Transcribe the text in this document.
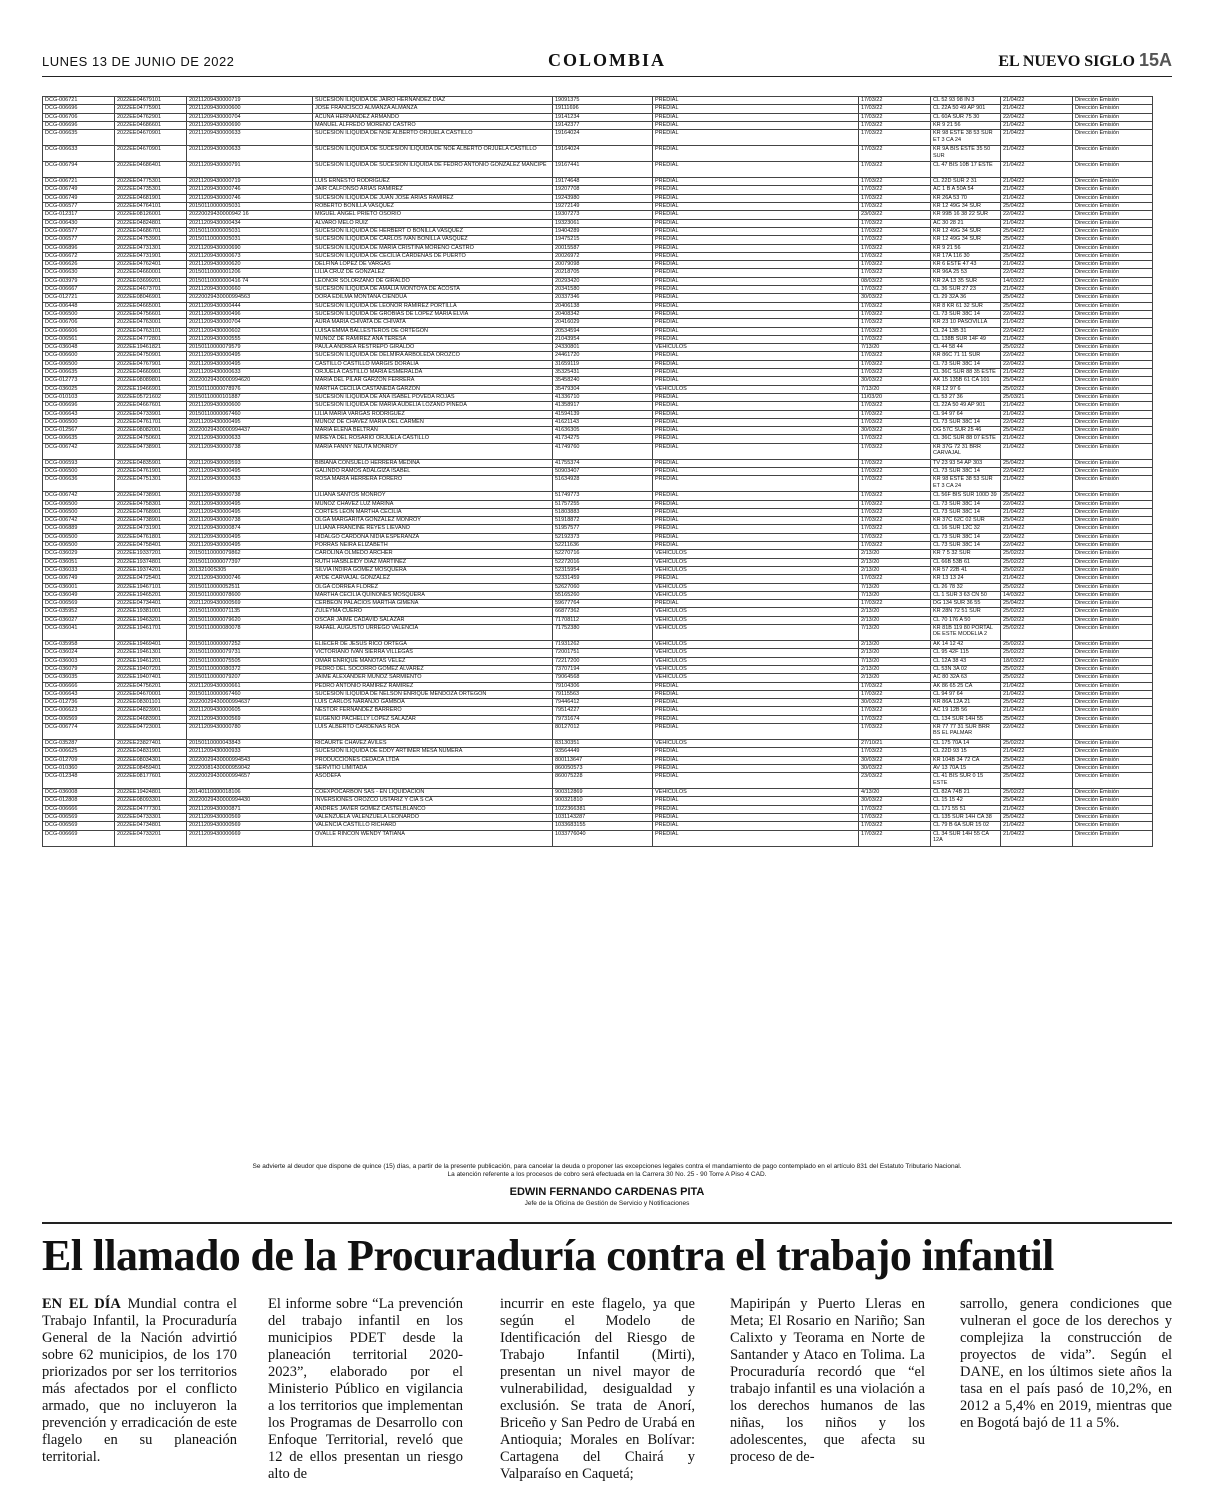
LUNES 13 DE JUNIO DE 2022	COLOMBIA	EL NUEVO SIGLO 15A
DCG-006721	2022EE04679101	20211209430000719	SUCESION ILIQUIDA DE JAIRO HERNANDEZ DIAZ	19091375	PREDIAL	17/03/22	CL 52 93 98 IN 3	21/04/22	Dirección Emisión
DCG-006696	2022EE04775901	20211209430000600	JOSE FRANCISCO ALMANZA ALMANZA	19111696	PREDIAL	17/03/22	CL 22A 50 49 AP 901	21/04/22	Dirección Emisión
DCG-006706	2022EE04762901	20211209430000704	ACUÑA HERNANDEZ ARMANDO	19141234	PREDIAL	17/03/22	CL 60A SUR 75 30	22/04/22	Dirección Emisión
DCG-006696	2022EE04686601	20211209430000690	MANUEL ALFREDO MORENO CASTRO	19142377	PREDIAL	17/03/22	KR 9 21 56	21/04/22	Dirección Emisión
DCG-006635	2022EE04670901	20211209430000633	SUCESION ILIQUIDA DE NOE ALBERTO ORJUELA CASTILLO	19164024	PREDIAL	17/03/22	KR 98 ESTE 38 53 SUR ET 3 CA 24	21/04/22	Dirección Emisión
DCG-006633	2022EE04670901	20211209430000633	SUCESION ILIQUIDA DE SUCESION ILIQUIDA DE NOE ALBERTO ORJUELA CASTILLO	19164024	PREDIAL	17/03/22	KR 9A BIS ESTE 35 50 SUR	21/04/22	Dirección Emisión
DCG-006794	2022EE04686401	20211209430000791	SUCESION ILIQUIDA DE SUCESION ILIQUIDA DE FEDRO ANTONIO GONZALEZ MANCIPE	19167441	PREDIAL	17/03/22	CL 47 BIS 10B 17 ESTE	21/04/22	Dirección Emisión
DCG-006721	2022EE04775301	20211209430000719	LUIS ERNESTO RODRIGUEZ	19174648	PREDIAL	17/03/22	CL 22D SUR 2 31	21/04/22	Dirección Emisión
DCG-006749	2022EE04735301	20211209430000746	JAIR CALFONSO ARIAS RAMIREZ	19207708	PREDIAL	17/03/22	AC 1 B A 50A 54	21/04/22	Dirección Emisión
DCG-006749	2022EE04681901	20211209430000746	SUCESION ILIQUIDA DE JUAN JOSE ARIAS RAMIREZ	19243980	PREDIAL	17/03/22	KR 26A 53 70	21/04/22	Dirección Emisión
DCG-006577	2022EE04764101	20150110000005031	ROBERTO BONILLA VASQUEZ	19272149	PREDIAL	17/03/22	KR 12 49G 34 SUR	25/04/22	Dirección Emisión
DCG-012317	2022EE08126001	20220029430000942 16	MIGUEL ANGEL PRIETO OSORIO	19307273	PREDIAL	23/03/22	KR 99B 16 38 22 SUR	22/04/22	Dirección Emisión
DCG-006430	2022EE04824801	20211209430000434	ALVARO MELO RUIZ	19323061	PREDIAL	17/03/22	AC 30 28 21	21/04/22	Dirección Emisión
DCG-006577	2022EE04686701	20150110000005031	SUCESION ILIQUIDA DE HERBERT O BONILLA VASQUEZ	19404289	PREDIAL	17/03/22	KR 12 49G 34 SUR	25/04/22	Dirección Emisión
DCG-006577	2022EE04753901	20150110000005031	SUCESION ILIQUIDA DE CARLOS IVAN BONILLA VASQUEZ	19475215	PREDIAL	17/03/22	KR 12 49G 34 SUR	25/04/22	Dirección Emisión
DCG-006896	2022EE04731301	20211209430000690	SUCESION ILIQUIDA DE MARIA CRISTINA MORENO CASTRO	20015587	PREDIAL	17/03/22	KR 9 21 56	21/04/22	Dirección Emisión
DCG-006672	2022EE04731901	20211209430000673	SUCESION ILIQUIDA DE CECILIA CARDENAS DE PUERTO	20026972	PREDIAL	17/03/22	KR 17A 116 30	25/04/22	Dirección Emisión
DCG-006626	2022EE04762401	20211209430000620	DELFINA LOPEZ DE VARGAS	20079098	PREDIAL	17/03/22	KR 6 ESTE 47 43	21/04/22	Dirección Emisión
DCG-006630	2022EE04660001	20150110000001206	LILIA CRUZ DE GONZALEZ	20218705	PREDIAL	17/03/22	KR 96A 25 53	22/04/22	Dirección Emisión
DCG-003979	2022EE03699201	20150110000000416 74	LEONOR SOLORZANO DE GIRALDO	20293420	PREDIAL	08/03/22	KR 2A 13 35 SUR	14/03/22	Dirección Emisión
DCG-006667	2022EE04673701	20211209430000660	SUCESION ILIQUIDA DE AMALIA MONTOYA DE ACOSTA	20341580	PREDIAL	17/03/22	CL 36 SUR 27 23	21/04/22	Dirección Emisión
DCG-012721	2022EE08046901	20220029430000994563	DORA EDILMA MONTAÑA CIENDUA	20337346	PREDIAL	30/03/22	CL 29 32A 36	25/04/22	Dirección Emisión
DCG-006448	2022EE04665001	20211209430000444	SUCESION ILIQUIDA DE LEONOR RAMIREZ PORTILLA	20406138	PREDIAL	17/03/22	KR 8 KR 61 32 SUR	25/04/22	Dirección Emisión
DCG-006500	2022EE04756601	20211209430000496	SUCESION ILIQUIDA DE GROBIAS DE LOPEZ MARIA ELVIA	20408342	PREDIAL	17/03/22	CL 73 SUR 38C 14	22/04/22	Dirección Emisión
DCG-006706	2022EE04763001	20211209430000704	AURA MARIA CHIVATA DE CHIVATA	20416029	PREDIAL	17/03/22	KR 23 10 PASOVILLA	21/04/22	Dirección Emisión
DCG-006606	2022EE04763101	20211209430000602	LUISA EMMA BALLESTEROS DE ORTEGON	20534594	PREDIAL	17/03/22	CL 24 13B 31	22/04/22	Dirección Emisión
DCG-006561	2022EE04772801	20211209430000555	MUÑOZ DE RAMIREZ ANA TERESA	21043954	PREDIAL	17/03/22	CL 138B SUR 14F 49	21/04/22	Dirección Emisión
DCG-036048	2022EE19461821	20150110000079579	PAULA ANDREA RESTREPO GIRALDO	24330801	VEHICULOS	7/13/20	CL 44 58 44	25/02/22	Dirección Emisión
DCG-006600	2022EE04750901	20211209430000495	SUCESION ILIQUIDA DE DELMIRA ARBOLEDA OROZCO	24461720	PREDIAL	17/03/22	KR 86C 71 11 SUR	22/04/22	Dirección Emisión
DCG-006500	2022EE04767901	20211209430000495	CASTILLO CASTILLO MARGIS DORALIA	31659119	PREDIAL	17/03/22	CL 73 SUR 38C 14	22/04/22	Dirección Emisión
DCG-006635	2022EE04660901	20211209430000633	ORJUELA CASTILLO MARIA ESMERALDA	35325431	PREDIAL	17/03/22	CL 36C SUR 88 35 ESTE	21/04/22	Dirección Emisión
DCG-012773	2022EE08089801	20220029430000994620	MARIA DEL PILAR GARZON FERRERA	35458240	PREDIAL	30/03/22	AK 15 135B 61 CA 101	25/04/22	Dirección Emisión
DCG-036025	2022EE19466901	20150110000078976	MARTHA CECILIA CASTAÑEDA GARZON	35479304	VEHICULOS	7/13/20	KR 12 97 6	25/02/22	Dirección Emisión
DCG-010103	2022EE05721602	20150110000101887	SUCESION ILIQUIDA DE ANA ISABEL POVEDA ROJAS	41336710	PREDIAL	11/03/20	CL 53 27 36	25/03/21	Dirección Emisión
DCG-006696	2022EE04667601	20211209430000600	SUCESION ILIQUIDA DE MARIA AUDELIA LOZANO PINEDA	41358917	PREDIAL	17/03/22	CL 22A 50 49 AP 901	21/04/22	Dirección Emisión
DCG-006643	2022EE04733901	20150110000067460	LILIA MARIA VARGAS RODRIGUEZ	41594139	PREDIAL	17/03/22	CL 94 97 64	21/04/22	Dirección Emisión
DCG-006500	2022EE04761701	20211209430000495	MUÑOZ DE CHAVEZ MARIA DEL CARMEN	41621143	PREDIAL	17/03/22	CL 73 SUR 38C 14	22/04/22	Dirección Emisión
DCG-012567	2022EE08082001	20220029430000994437	MARIA ELENA BELTRAN	41636305	PREDIAL	30/03/22	DG 57C SUR 25 46	25/04/22	Dirección Emisión
DCG-006635	2022EE04750601	20211209430000633	MIREYA DEL ROSARIO ORJUELA CASTILLO	41734275	PREDIAL	17/03/22	CL 36C SUR 88 07 ESTE	21/04/22	Dirección Emisión
DCG-006742	2022EE04738901	20211209430000738	MARIA FANNY NEUTA MONROY	41749760	PREDIAL	17/03/22	KR 37G 72 31 BRR CARVAJAL	21/04/22	Dirección Emisión
DCG-006593	2022EE04835901	20211209430000593	BIBIANA CONSUELO HERRERA MEDINA	41755374	PREDIAL	17/03/22	TV 23 93 54 AP 303	25/04/22	Dirección Emisión
DCG-006500	2022EE04761901	20211209430000495	GALINDO RAMOS ADALGIZA ISABEL	50903407	PREDIAL	17/03/22	CL 73 SUR 38C 14	22/04/22	Dirección Emisión
DCG-006636	2022EE04751301	20211209430000633	ROSA MARIA HERRERA FORERO	51634928	PREDIAL	17/03/22	KR 98 ESTE 38 53 SUR ET 3 CA 24	21/04/22	Dirección Emisión
DCG-006742	2022EE04738901	20211209430000738	LILIANA SANTOS MONROY	51749773	PREDIAL	17/03/22	CL 56F BIS SUR 100D 39	25/04/22	Dirección Emisión
DCG-006500	2022EE04758301	20211209430000495	MUÑOZ CHAVEZ LUZ MARINA	51757255	PREDIAL	17/03/22	CL 73 SUR 38C 14	22/04/22	Dirección Emisión
DCG-006500	2022EE04768901	20211209430000495	CORTES LEON MARTHA CECILIA	51803883	PREDIAL	17/03/22	CL 73 SUR 38C 14	21/04/22	Dirección Emisión
DCG-006742	2022EE04738901	20211209430000738	OLGA MARGARITA GONZALEZ MONROY	51918872	PREDIAL	17/03/22	KR 37C 62C 02 SUR	25/04/22	Dirección Emisión
DCG-006889	2022EE04731901	20211209430000874	LILIANA FRANCINE REYES LIEVANO	51957577	PREDIAL	17/03/22	CL 16 SUR 12C 32	21/04/22	Dirección Emisión
DCG-006500	2022EE04761801	20211209430000495	HIDALGO CARDONA NIDIA ESPERANZA	52192373	PREDIAL	17/03/22	CL 73 SUR 38C 14	22/04/22	Dirección Emisión
DCG-006500	2022EE04758401	20211209430000495	PORRAS NEIRA ELIZABETH	52211636	PREDIAL	17/03/22	CL 73 SUR 38C 14	22/04/22	Dirección Emisión
DCG-036029	2022EE19337201	20150110000079862	CAROLINA OLMEDO ARCHER	52270716	VEHICULOS	2/13/20	KR 7 5 32 SUR	25/02/22	Dirección Emisión
DCG-036051	2022EE19374801	20150110000077397	RUTH HASBLEIDY DIAZ MARTINEZ	52272016	VEHICULOS	2/13/20	CL 66B 53B 61	25/02/22	Dirección Emisión
DCG-036033	2022EE19374201	20132100S305	SILVIA INDIRA GOMEZ MOSQUERA	52315954	VEHICULOS	2/13/20	KR 57 22B 41	25/02/22	Dirección Emisión
DCG-006749	2022EE04725401	20211209430000746	AYDE CARVAJAL GONZALEZ	52331459	PREDIAL	17/03/22	KR 13 13 24	21/04/22	Dirección Emisión
DCG-036001	2022EE19467101	20150110000052511	OLGA CORREA FLOREZ	52627060	VEHICULOS	7/13/20	CL 26 78 32	25/02/22	Dirección Emisión
DCG-036049	2022EE19465201	20150110000078600	MARTHA CECILIA QUIÑONES MOSQUERA	55165260	VEHICULOS	7/13/20	CL 1 SUR 3 63 CN 50	14/03/22	Dirección Emisión
DCG-006569	2022EE04734401	20211209430000569	CERBEON PALACIOS MARTHA GIMENA	59677764	PREDIAL	17/03/22	DG 134 SUR 36 55	25/04/22	Dirección Emisión
DCG-035952	2022EE19381001	20150110000071135	ZULEYMA CUERO	66877362	VEHICULOS	2/13/20	KR 28N 72 51 SUR	25/02/22	Dirección Emisión
DCG-036027	2022EE19463201	20150110000079620	OSCAR JAIME CADAVID SALAZAR	71708112	VEHICULOS	2/13/20	CL 70 176 A 50	25/02/22	Dirección Emisión
DCG-036041	2022EE19461701	20150110000080078	RAFAEL AUGUSTO URREGO VALENCIA	71752380	VEHICULOS	7/13/20	KR 81B 119 80 PORTAL DE ESTE MODELIA 2	25/02/22	Dirección Emisión
DCG-035958	2022EE19469401	20150110000007252	ELIECER DE JESUS RICO ORTEGA	71931262	VEHICULOS	2/13/20	AK 14 12 42	25/02/22	Dirección Emisión
DCG-036024	2022EE19461301	20150110000079731	VICTORIANO IVAN SIERRA VILLEGAS	72001751	VEHICULOS	2/13/20	CL 95 42F 115	25/02/22	Dirección Emisión
DCG-036003	2022EE19461201	20150110000075505	OMAR ENRIQUE MANOTAS VELEZ	72217200	VEHICULOS	7/13/20	CL 12A 38 43	18/03/22	Dirección Emisión
DCG-036079	2022EE19407201	20150110000080372	PEDRO DEL SOCORRO GOMEZ ALVAREZ	73707194	VEHICULOS	2/13/20	CL 53N 3A 02	25/02/22	Dirección Emisión
DCG-036035	2022EE19407401	20150110000079207	JAIME ALEXANDER MUÑOZ SARMIENTO	79064568	VEHICULOS	2/13/20	AC 80 32A 63	25/02/22	Dirección Emisión
DCG-006666	2022EE04756201	20211209430000661	PEDRO ANTONIO RAMIREZ RAMIREZ	79104306	PREDIAL	17/03/22	AK 86 65 25 CA	21/04/22	Dirección Emisión
DCG-006643	2022EE04670001	20150110000067460	SUCESION ILIQUIDA DE NELSON ENRIQUE MENDOZA ORTEGON	79115563	PREDIAL	17/03/22	CL 94 97 64	21/04/22	Dirección Emisión
DCG-012736	2022EE08301101	20220029430000994637	LUIS CARLOS NARANJO GAMBOA	79446412	PREDIAL	30/03/22	KR 86A 12A 21	25/04/22	Dirección Emisión
DCG-006623	2022EE04823901	20211209430000605	NESTOR FERNANDEZ BARRERO	79514227	PREDIAL	17/03/22	AC 19 12B 56	21/04/22	Dirección Emisión
DCG-006569	2022EE04683901	20211209430000569	EUGENIO PACHELLY LOPEZ SALAZAR	79731674	PREDIAL	17/03/22	CL 134 SUR 14H 55	25/04/22	Dirección Emisión
DCG-006774	2022EE04723001	20211209430000780	LUIS ALBERTO CARDENAS ROA	80127012	PREDIAL	17/03/22	KR 77 77 31 SUR BRR BS EL PALMAR	22/04/22	Dirección Emisión
DCG-035287	2022EE23827401	20150110000043843	RICAURTE CHAVEZ AVILES	83130351	VEHICULOS	27/10/21	CL 175 70A 14	25/02/22	Dirección Emisión
DCG-006625	2022EE04831901	20211209430000933	SUCESION ILIQUIDA DE EDDY ARTIMER MESA NUMERA	93564449	PREDIAL	17/03/22	CL 22D 93 15	21/04/22	Dirección Emisión
DCG-012709	2022EE08034301	20220029430000994543	PRODUCCIONES CEDACA LTDA	800113647	PREDIAL	30/03/22	KR 104B 34 72 CA	25/04/22	Dirección Emisión
DCG-010360	2022EE08459401	20220081430000959042	SERVITIO LIMITADA	860050573	PREDIAL	30/03/22	AV 13 70A 15	25/04/22	Dirección Emisión
DCG-012348	2022EE08177601	20220029430000994657	ASODEFA	860075228	PREDIAL	23/03/22	CL 41 BIS SUR 0 15 ESTE	25/04/22	Dirección Emisión
DCG-036008	2022EE19424801	20140110000018106	COEXPOCARBON SAS - EN LIQUIDACION	900312869	VEHICULOS	4/13/20	CL 82A 74B 21	25/02/22	Dirección Emisión
DCG-012808	2022EE08093301	20220029430000994430	INVERSIONES OROZCO USTARIZ Y CIA S CA	900321810	PREDIAL	30/03/22	CL 15 15 42	25/04/22	Dirección Emisión
DCG-006666	2022EE04777301	20211209430000871	ANDRES JAVIER GOMEZ CASTELBLANCO	1022366381	PREDIAL	17/03/22	CL 171 55 51	21/04/22	Dirección Emisión
DCG-006569	2022EE04733301	20211209430000569	VALENZUELA VALENZUELA LEONARDO	1031143287	PREDIAL	17/03/22	CL 135 SUR 14H CA 38	25/04/22	Dirección Emisión
DCG-006569	2022EE04734801	20211209430000569	VALENCIA CASTILLO RICHARD	1033683155	PREDIAL	17/03/22	CL 79 B 6A SUR 15 02	21/04/22	Dirección Emisión
DCG-006669	2022EE04733201	20211209430000669	OVALLE RINCON WENDY TATIANA	1033776040	PREDIAL	17/03/22	CL 34 SUR 14H 55 CA 12A	21/04/22	Dirección Emisión
Se advierte al deudor que dispone de quince (15) días, a partir de la presente publicación, para cancelar la deuda o proponer las excepciones legales contra el mandamiento de pago contemplado en el artículo 831 del Estatuto Tributario Nacional.
La atención referente a los procesos de cobro será efectuada en la Carrera 30 No. 25 - 90 Torre A Piso 4 CAD.
EDWIN FERNANDO CARDENAS PITA
Jefe de la Oficina de Gestión de Servicio y Notificaciones
El llamado de la Procuraduría contra el trabajo infantil
EN EL DÍA Mundial contra el Trabajo Infantil, la Procuraduría General de la Nación advirtió sobre 62 municipios, de los 170 priorizados por ser los territorios más afectados por el conflicto armado, que no incluyeron la prevención y erradicación de este flagelo en su planeación territorial.
El informe sobre “La prevención del trabajo infantil en los municipios PDET desde la planeación territorial 2020-2023”, elaborado por el Ministerio Público en vigilancia a los territorios que implementan los Programas de Desarrollo con Enfoque Territorial, reveló que 12 de ellos presentan un riesgo alto de
incurrir en este flagelo, ya que según el Modelo de Identificación del Riesgo de Trabajo Infantil (Mirti), presentan un nivel mayor de vulnerabilidad, desigualdad y exclusión. Se trata de Anorí, Briceño y San Pedro de Urabá en Antioquia; Morales en Bolívar: Cartagena del Chairá y Valparaíso en Caquetá;
Mapiripán y Puerto Lleras en Meta; El Rosario en Nariño; San Calixto y Teorama en Norte de Santander y Ataco en Tolima. La Procuraduría recordó que “el trabajo infantil es una violación a los derechos humanos de las niñas, los niños y los adolescentes, que afecta su proceso de de-
sarrollo, genera condiciones que vulneran el goce de los derechos y complejiza la construcción de proyectos de vida”. Según el DANE, en los últimos siete años la tasa en el país pasó de 10,2%, en 2012 a 5,4% en 2019, mientras que en Bogotá bajó de 11 a 5%.
